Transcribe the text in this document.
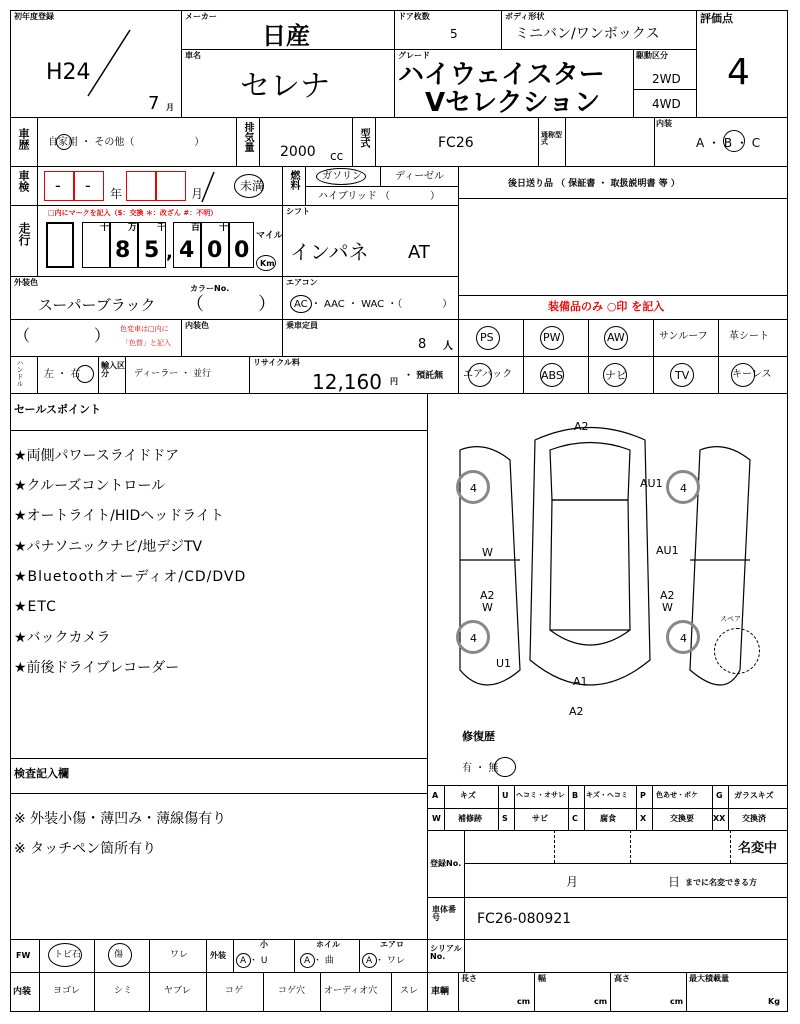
初年度登録
H24
7 月
メーカー
日産
ドア枚数
5
ボディ形状
ミニバン/ワンボックス
評価点
4
車名
セレナ
グレード
ハイウェイスター
Vセレクション
駆動区分
2WD
4WD
車歴 自家用 ・ その他（　　　　　　）	排気量 2000 cc
型式	FC26	通称型式
内装
A ・ B ・ C
車検 - - 年	月
未満 燃料 ガソリン	ディーゼル
ハイブリッド （　　　　）
後日送り品 （ 保証書 ・ 取扱説明書 等 ）
走行
□内にマークを記入（$：交換 ＊：改ざん #：不明）
十 万 千	百 十
8 5 , 4 0 0
マイル
Km
シフト
インパネ AT
外装色
スーパーブラック
カラーNo.
（　　　）
エアコン
AC ・ AAC ・ WAC ・（　　　　）	装備品のみ ○印 を記入
（　　　　） 色変車は□内に
「色替」と記入
内装色	乗車定員
8 人
PS	PW	AW	サンルーフ 革シート
エアバック	ABS	ナビ	TV	キーレス
ハンドル 左 ・ 右
輸入区分	ディーラー ・ 並行
リサイクル料
12,160 円
・ 預託無
セールスポイント
★両側パワースライドドア
★クルーズコントロール
★オートライト/HIDヘッドライト
★パナソニックナビ/地デジTV
★Bluetoothオーディオ/CD/DVD
★ETC
★バックカメラ
★前後ドライブレコーダー
4	4
4	4
スペア
A2
AU1
W	AU1
A2
W
A2
W
U1
A1
A2
修復歴
有 ・ 無
検査記入欄
※ 外装小傷・薄凹み・薄線傷有り
※ タッチペン箇所有り
A	キズ	U ヘコミ・オサレ B キズ・ヘコミ P 色あせ・ボケ G ガラスキズ
W 補修跡	S	サビ	C	腐食	X	交換要 XX 交換済
登録No.
名変中
月	日 までに名変できる方
車体番号	FC26-080921
FW	トビ石	傷	ワレ	外装
小	ホイル	エアロ
A ・ U	A ・ 曲	A ・ ワレ
シリアルNo.
内装 ヨゴレ	シミ	ヤブレ	コゲ	コゲ穴 オーディオ穴	スレ 車輌
長さ	幅	高さ	最大積載量
cm	cm	cm	Kg
